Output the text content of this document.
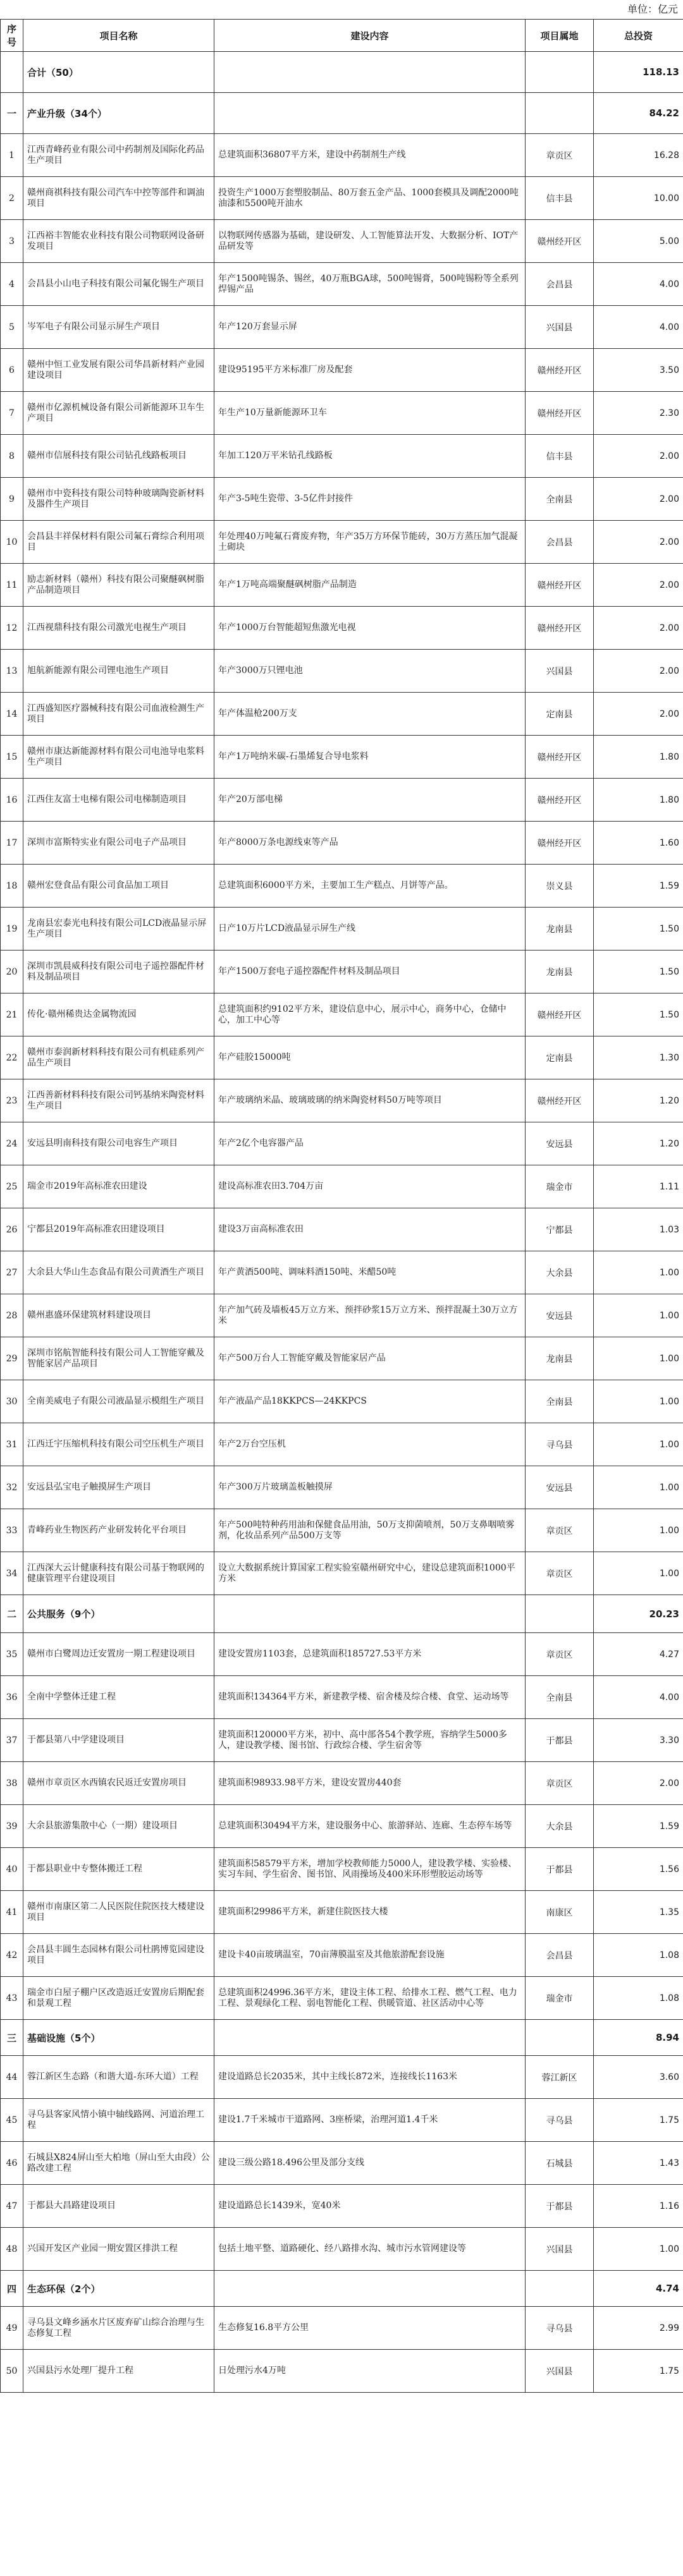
单位：亿元
序号	项目名称	建设内容	项目属地	总投资
	合计（50）			118.13
一	产业升级（34个）			84.22
1	江西青峰药业有限公司中药制剂及国际化药品生产项目	总建筑面积36807平方米，建设中药制剂生产线	章贡区	16.28
2	赣州商祺科技有限公司汽车中控等部件和调油项目	投资生产1000万套塑胶制品、80万套五金产品、1000套模具及调配2000吨油漆和5500吨开油水	信丰县	10.00
3	江西裕丰智能农业科技有限公司物联网设备研发项目	以物联网传感器为基础，建设研发、人工智能算法开发、大数据分析、IOT产品研发等	赣州经开区	5.00
4	会昌县小山电子科技有限公司氟化锡生产项目	年产1500吨锡条、锡丝，40万瓶BGA球，500吨锡膏，500吨锡粉等全系列焊锡产品	会昌县	4.00
5	岑军电子有限公司显示屏生产项目	年产120万套显示屏	兴国县	4.00
6	赣州中恒工业发展有限公司华昌新材料产业园建设项目	建设95195平方米标准厂房及配套	赣州经开区	3.50
7	赣州市亿源机械设备有限公司新能源环卫车生产项目	年生产10万量新能源环卫车	赣州经开区	2.30
8	赣州市信展科技有限公司钻孔线路板项目	年加工120万平米钻孔线路板	信丰县	2.00
9	赣州市中瓷科技有限公司特种玻璃陶瓷新材料及器件生产项目	年产3-5吨生瓷带、3-5亿件封接件	全南县	2.00
10	会昌县丰祥保材料有限公司氟石膏综合利用项目	年处理40万吨氟石膏废弃物，年产35万方环保节能砖，30万方蒸压加气混凝土砌块	会昌县	2.00
11	励志新材料（赣州）科技有限公司聚醚砜树脂产品制造项目	年产1万吨高端聚醚砜树脂产品制造	赣州经开区	2.00
12	江西视鼎科技有限公司激光电视生产项目	年产1000万台智能超短焦激光电视	赣州经开区	2.00
13	旭航新能源有限公司锂电池生产项目	年产3000万只锂电池	兴国县	2.00
14	江西盛知医疗器械科技有限公司血液检测生产项目	年产体温枪200万支	定南县	2.00
15	赣州市康达新能源材料有限公司电池导电浆料生产项目	年产1万吨纳米碳-石墨烯复合导电浆料	赣州经开区	1.80
16	江西住友富士电梯有限公司电梯制造项目	年产20万部电梯	赣州经开区	1.80
17	深圳市富斯特实业有限公司电子产品项目	年产8000万条电源线束等产品	赣州经开区	1.60
18	赣州宏登食品有限公司食品加工项目	总建筑面积6000平方米，主要加工生产糕点、月饼等产品。	崇义县	1.59
19	龙南县宏泰光电科技有限公司LCD液晶显示屏生产项目	日产10万片LCD液晶显示屏生产线	龙南县	1.50
20	深圳市凯晨威科技有限公司电子遥控器配件材料及制品项目	年产1500万套电子遥控器配件材料及制品项目	龙南县	1.50
21	传化·赣州稀贵达金属物流园	总建筑面积约9102平方米，建设信息中心，展示中心，商务中心，仓储中心，加工中心等	赣州经开区	1.50
22	赣州市泰润新材料科技有限公司有机硅系列产品生产项目	年产硅胶15000吨	定南县	1.30
23	江西善新材料科技有限公司钙基纳米陶瓷材料生产项目	年产玻璃纳米晶、玻璃玻璃的纳米陶瓷材料50万吨等项目	赣州经开区	1.20
24	安远县明南科技有限公司电容生产项目	年产2亿个电容器产品	安远县	1.20
25	瑞金市2019年高标准农田建设	建设高标准农田3.704万亩	瑞金市	1.11
26	宁都县2019年高标准农田建设项目	建设3万亩高标准农田	宁都县	1.03
27	大余县大华山生态食品有限公司黄酒生产项目	年产黄酒500吨、调味料酒150吨、米醋50吨	大余县	1.00
28	赣州惠盛环保建筑材料建设项目	年产加气砖及墙板45万立方米、预拌砂浆15万立方米、预拌混凝土30万立方米	安远县	1.00
29	深圳市铭航智能科技有限公司人工智能穿戴及智能家居产品项目	年产500万台人工智能穿戴及智能家居产品	龙南县	1.00
30	全南美威电子有限公司液晶显示模组生产项目	年产液晶产品18KKPCS—24KKPCS	全南县	1.00
31	江西迁宇压缩机科技有限公司空压机生产项目	年产2万台空压机	寻乌县	1.00
32	安远县弘宝电子触摸屏生产项目	年产300万片玻璃盖板触摸屏	安远县	1.00
33	青峰药业生物医药产业研发转化平台项目	年产500吨特种药用油和保健食品用油，50万支抑菌喷剂，50万支鼻咽喷雾剂，化妆品系列产品500万支等	章贡区	1.00
34	江西深大云计健康科技有限公司基于物联网的健康管理平台建设项目	设立大数据系统计算国家工程实验室赣州研究中心，建设总建筑面积1000平方米	章贡区	1.00
二	公共服务（9个）			20.23
35	赣州市白鹭周边迁安置房一期工程建设项目	建设安置房1103套，总建筑面积185727.53平方米	章贡区	4.27
36	全南中学整体迁建工程	建筑面积134364平方米，新建教学楼、宿舍楼及综合楼、食堂、运动场等	全南县	4.00
37	于都县第八中学建设项目	建筑面积120000平方米，初中、高中部各54个教学班，容纳学生5000多人，建设教学楼、图书馆、行政综合楼、学生宿舍等	于都县	3.30
38	赣州市章贡区水西镇农民返迁安置房项目	建筑面积98933.98平方米，建设安置房440套	章贡区	2.00
39	大余县旅游集散中心（一期）建设项目	总建筑面积30494平方米，建设服务中心、旅游驿站、连廊、生态停车场等	大余县	1.59
40	于都县职业中专整体搬迁工程	建筑面积58579平方米，增加学校教师能力5000人，建设教学楼、实验楼、实习车间、学生宿舍、图书馆、风雨操场及400米环形塑胶运动场等	于都县	1.56
41	赣州市南康区第二人民医院住院医技大楼建设项目	建筑面积29986平方米，新建住院医技大楼	南康区	1.35
42	会昌县丰圆生态园林有限公司杜鹃博览园建设项目	建设卡40亩玻璃温室，70亩薄膜温室及其他旅游配套设施	会昌县	1.08
43	瑞金市白屋子棚户区改造返迁安置房后期配套和景观工程	总建筑面积24996.36平方米，建设主体工程、给排水工程、燃气工程、电力工程、景观绿化工程、弱电智能化工程、供暖管道、社区活动中心等	瑞金市	1.08
三	基础设施（5个）			8.94
44	蓉江新区生态路（和谐大道-东环大道）工程	建设道路总长2035米，其中主线长872米，连接线长1163米	蓉江新区	3.60
45	寻乌县客家风情小镇中轴线路网、河道治理工程	建设1.7千米城市干道路网、3座桥梁，治理河道1.4千米	寻乌县	1.75
46	石城县X824屏山至大柏地（屏山至大由段）公路改建工程	建设三级公路18.496公里及部分支线	石城县	1.43
47	于都县大昌路建设项目	建设道路总长1439米，宽40米	于都县	1.16
48	兴国开发区产业园一期安置区排洪工程	包括土地平整、道路硬化、经八路排水沟、城市污水管网建设等	兴国县	1.00
四	生态环保（2个）			4.74
49	寻乌县文峰乡涵水片区废弃矿山综合治理与生态修复工程	生态修复16.8平方公里	寻乌县	2.99
50	兴国县污水处理厂提升工程	日处理污水4万吨	兴国县	1.75
